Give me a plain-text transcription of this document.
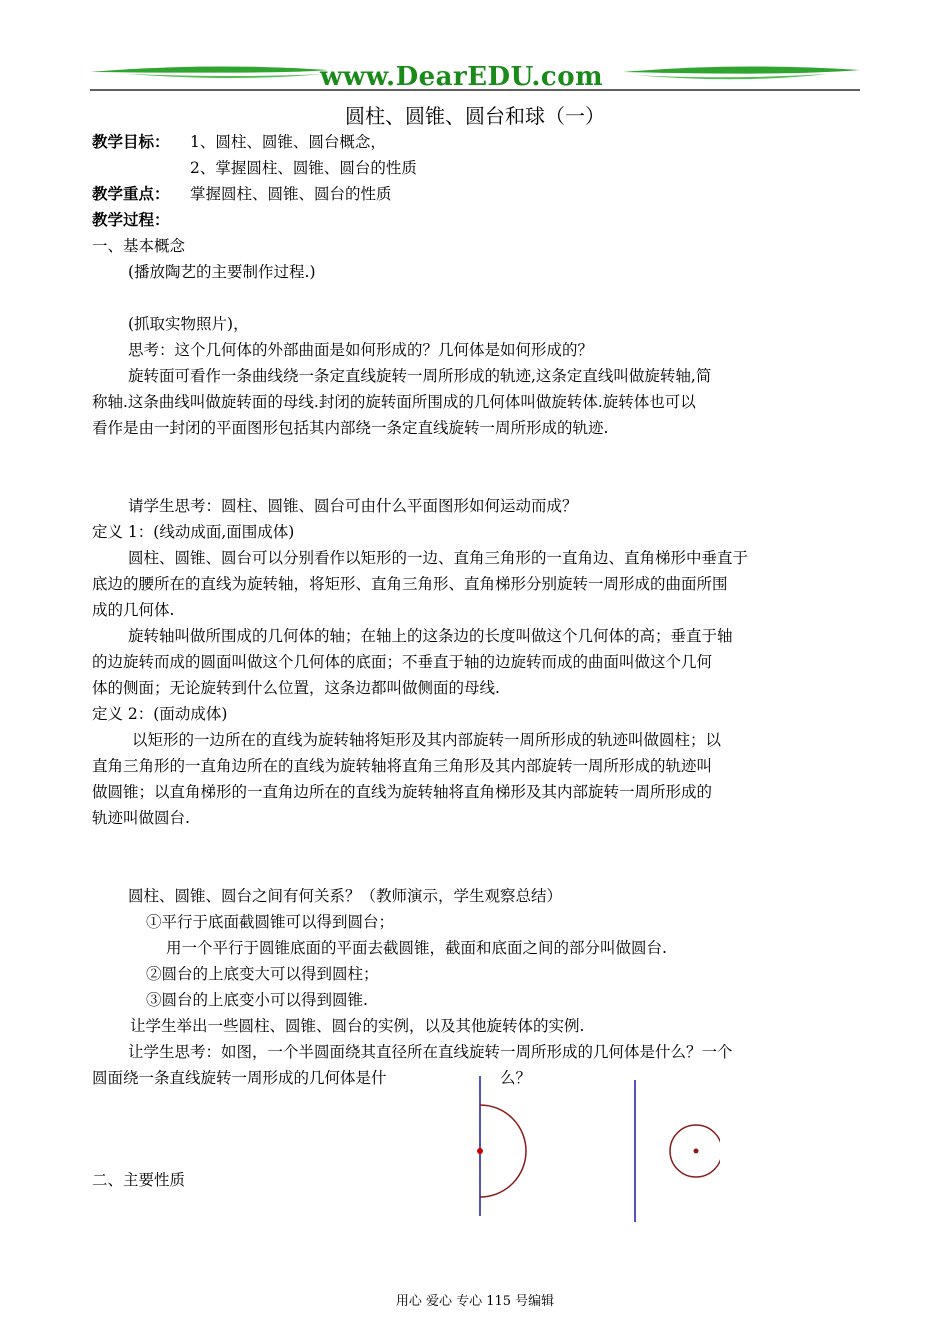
www.DearEDU.com
圆柱、圆锥、圆台和球（一）
教学目标： 1、圆柱、圆锥、圆台概念，
2、掌握圆柱、圆锥、圆台的性质
教学重点： 掌握圆柱、圆锥、圆台的性质
教学过程：
一、基本概念
(播放陶艺的主要制作过程.)
(抓取实物照片)，
思考：这个几何体的外部曲面是如何形成的？几何体是如何形成的？
旋转面可看作一条曲线绕一条定直线旋转一周所形成的轨迹,这条定直线叫做旋转轴,简
称轴.这条曲线叫做旋转面的母线.封闭的旋转面所围成的几何体叫做旋转体.旋转体也可以
看作是由一封闭的平面图形包括其内部绕一条定直线旋转一周所形成的轨迹.
请学生思考：圆柱、圆锥、圆台可由什么平面图形如何运动而成？
定义 1：(线动成面,面围成体)
圆柱、圆锥、圆台可以分别看作以矩形的一边、直角三角形的一直角边、直角梯形中垂直于
底边的腰所在的直线为旋转轴，将矩形、直角三角形、直角梯形分别旋转一周形成的曲面所围
成的几何体.
旋转轴叫做所围成的几何体的轴；在轴上的这条边的长度叫做这个几何体的高；垂直于轴
的边旋转而成的圆面叫做这个几何体的底面；不垂直于轴的边旋转而成的曲面叫做这个几何
体的侧面；无论旋转到什么位置，这条边都叫做侧面的母线.
定义 2：(面动成体)
以矩形的一边所在的直线为旋转轴将矩形及其内部旋转一周所形成的轨迹叫做圆柱；以
直角三角形的一直角边所在的直线为旋转轴将直角三角形及其内部旋转一周所形成的轨迹叫
做圆锥；以直角梯形的一直角边所在的直线为旋转轴将直角梯形及其内部旋转一周所形成的
轨迹叫做圆台.
圆柱、圆锥、圆台之间有何关系？（教师演示，学生观察总结）
①平行于底面截圆锥可以得到圆台；
用一个平行于圆锥底面的平面去截圆锥，截面和底面之间的部分叫做圆台.
②圆台的上底变大可以得到圆柱；
③圆台的上底变小可以得到圆锥.
让学生举出一些圆柱、圆锥、圆台的实例，以及其他旋转体的实例.
让学生思考：如图，一个半圆面绕其直径所在直线旋转一周所形成的几何体是什么？一个
圆面绕一条直线旋转一周形成的几何体是什	么？
二、主要性质
用心 爱心 专心 115 号编辑
